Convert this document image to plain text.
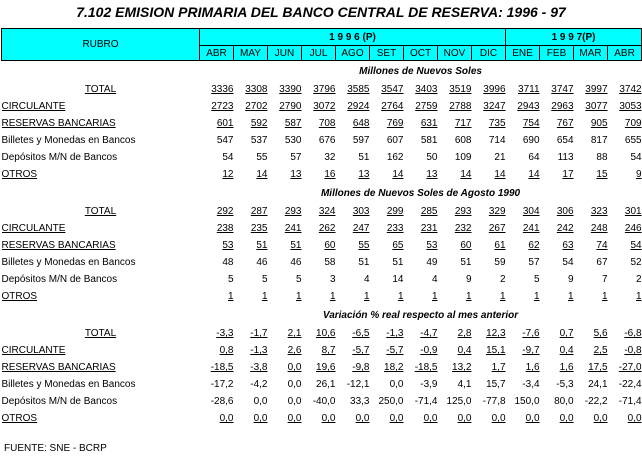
7.102 EMISION PRIMARIA DEL BANCO CENTRAL DE RESERVA: 1996 - 97
RUBRO	1 9 9 6 (P)									1 9 9 7(P)			
	ABR	MAY	JUN	JUL	AGO	SET	OCT	NOV	DIC	ENE	FEB	MAR	ABR
	Millones de Nuevos Soles												
TOTAL	3336	3308	3390	3796	3585	3547	3403	3519	3996	3711	3747	3997	3742
CIRCULANTE	2723	2702	2790	3072	2924	2764	2759	2788	3247	2943	2963	3077	3053
RESERVAS BANCARIAS	601	592	587	708	648	769	631	717	735	754	767	905	709
Billetes y Monedas en Bancos	547	537	530	676	597	607	581	608	714	690	654	817	655
Depósitos M/N de Bancos	54	55	57	32	51	162	50	109	21	64	113	88	54
OTROS	12	14	13	16	13	14	13	14	14	14	17	15	9
	Millones de Nuevos Soles de Agosto 1990												
TOTAL	292	287	293	324	303	299	285	293	329	304	306	323	301
CIRCULANTE	238	235	241	262	247	233	231	232	267	241	242	248	246
RESERVAS BANCARIAS	53	51	51	60	55	65	53	60	61	62	63	74	54
Billetes y Monedas en Bancos	48	46	46	58	51	51	49	51	59	57	54	67	52
Depósitos M/N de Bancos	5	5	5	3	4	14	4	9	2	5	9	7	2
OTROS	1	1	1	1	1	1	1	1	1	1	1	1	1
	Variación % real respecto al mes anterior												
TOTAL	-3,3	-1,7	2,1	10,6	-6,5	-1,3	-4,7	2,8	12,3	-7,6	0,7	5,6	-6,8
CIRCULANTE	0,8	-1,3	2,6	8,7	-5,7	-5,7	-0,9	0,4	15,1	-9,7	0,4	2,5	-0,8
RESERVAS BANCARIAS	-18,5	-3,8	0,0	19,6	-9,8	18,2	-18,5	13,2	1,7	1,6	1,6	17,5	-27,0
Billetes y Monedas en Bancos	-17,2	-4,2	0,0	26,1	-12,1	0,0	-3,9	4,1	15,7	-3,4	-5,3	24,1	-22,4
Depósitos M/N de Bancos	-28,6	0,0	0,0	-40,0	33,3	250,0	-71,4	125,0	-77,8	150,0	80,0	-22,2	-71,4
OTROS	0,0	0,0	0,0	0,0	0,0	0,0	0,0	0,0	0,0	0,0	0,0	0,0	0,0
FUENTE: SNE - BCRP
